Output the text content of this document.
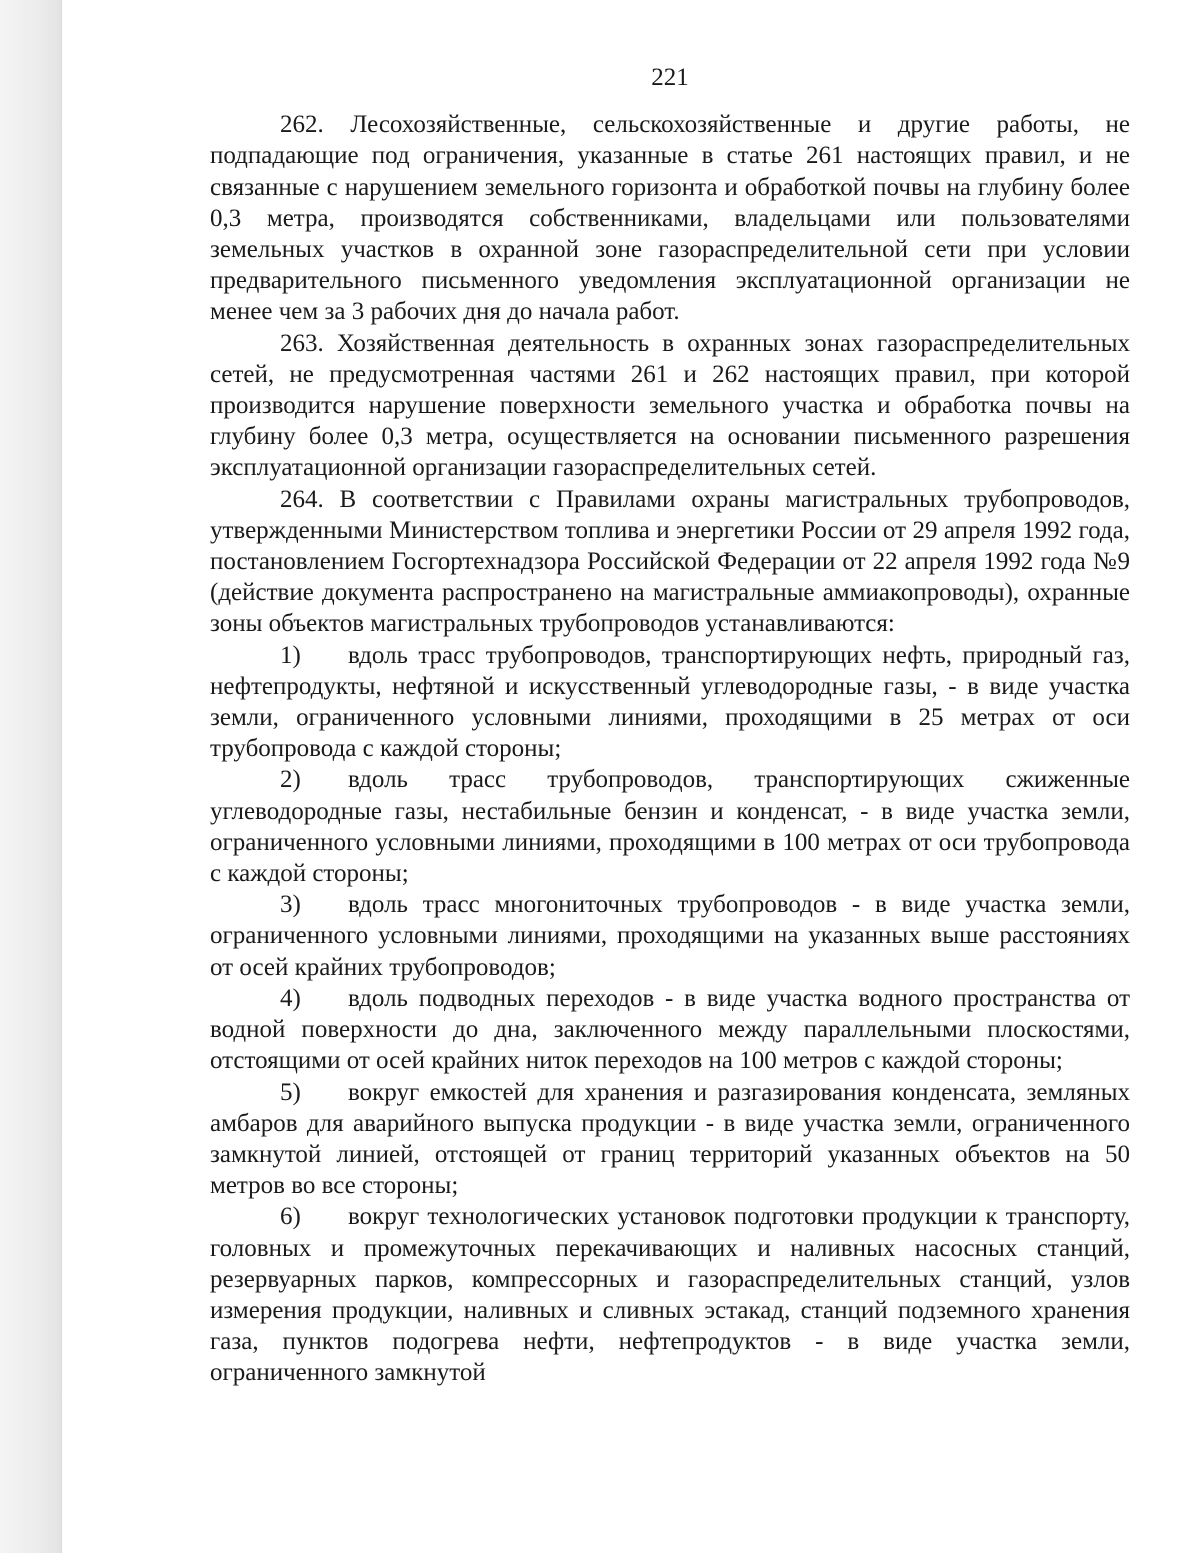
221

262. Лесохозяйственные, сельскохозяйственные и другие работы, не подпадающие под ограничения, указанные в статье 261 настоящих правил, и не связанные с нарушением земельного горизонта и обработкой почвы на глубину более 0,3 метра, производятся собственниками, владельцами или пользователями земельных участков в охранной зоне газораспределительной сети при условии предварительного письменного уведомления эксплуатационной организации не менее чем за 3 рабочих дня до начала работ.

263. Хозяйственная деятельность в охранных зонах газораспределительных сетей, не предусмотренная частями 261 и 262 настоящих правил, при которой производится нарушение поверхности земельного участка и обработка почвы на глубину более 0,3 метра, осуществляется на основании письменного разрешения эксплуатационной организации газораспределительных сетей.

264. В соответствии с Правилами охраны магистральных трубопроводов, утвержденными Министерством топлива и энергетики России от 29 апреля 1992 года, постановлением Госгортехнадзора Российской Федерации от 22 апреля 1992 года №9 (действие документа распространено на магистральные аммиакопроводы), охранные зоны объектов магистральных трубопроводов устанавливаются:

1) вдоль трасс трубопроводов, транспортирующих нефть, природный газ, нефтепродукты, нефтяной и искусственный углеводородные газы, - в виде участка земли, ограниченного условными линиями, проходящими в 25 метрах от оси трубопровода с каждой стороны;

2) вдоль трасс трубопроводов, транспортирующих сжиженные углеводородные газы, нестабильные бензин и конденсат, - в виде участка земли, ограниченного условными линиями, проходящими в 100 метрах от оси трубопровода с каждой стороны;

3) вдоль трасс многониточных трубопроводов - в виде участка земли, ограниченного условными линиями, проходящими на указанных выше расстояниях от осей крайних трубопроводов;

4) вдоль подводных переходов - в виде участка водного пространства от водной поверхности до дна, заключенного между параллельными плоскостями, отстоящими от осей крайних ниток переходов на 100 метров с каждой стороны;

5) вокруг емкостей для хранения и разгазирования конденсата, земляных амбаров для аварийного выпуска продукции - в виде участка земли, ограниченного замкнутой линией, отстоящей от границ территорий указанных объектов на 50 метров во все стороны;

6) вокруг технологических установок подготовки продукции к транспорту, головных и промежуточных перекачивающих и наливных насосных станций, резервуарных парков, компрессорных и газораспределительных станций, узлов измерения продукции, наливных и сливных эстакад, станций подземного хранения газа, пунктов подогрева нефти, нефтепродуктов - в виде участка земли, ограниченного замкнутой
